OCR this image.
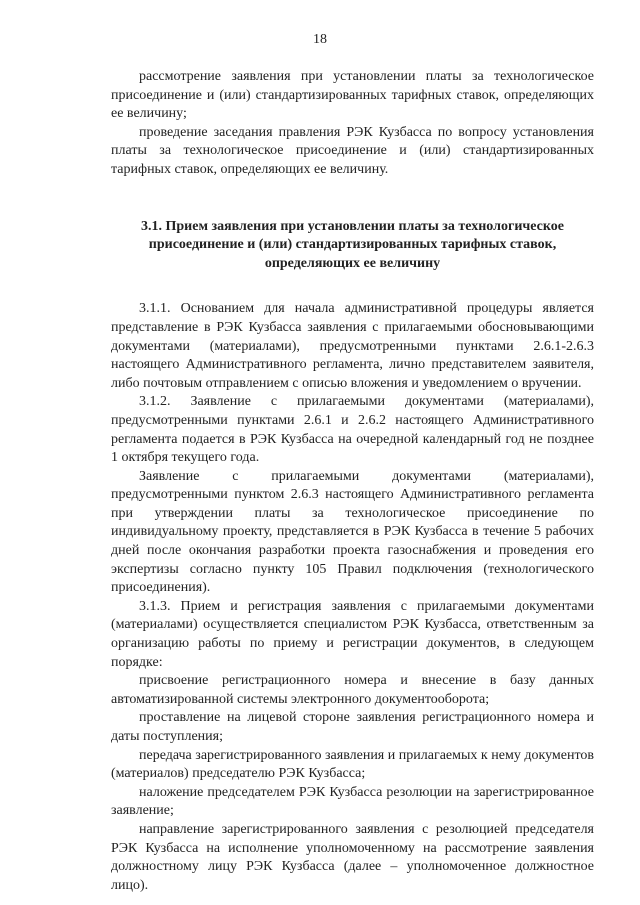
18

рассмотрение заявления при установлении платы за технологическое присоединение и (или) стандартизированных тарифных ставок, определяющих ее величину;

проведение заседания правления РЭК Кузбасса по вопросу установления платы за технологическое присоединение и (или) стандартизированных тарифных ставок, определяющих ее величину.

3.1. Прием заявления при установлении платы за технологическое присоединение и (или) стандартизированных тарифных ставок, определяющих ее величину

3.1.1. Основанием для начала административной процедуры является представление в РЭК Кузбасса заявления с прилагаемыми обосновывающими документами (материалами), предусмотренными пунктами 2.6.1-2.6.3 настоящего Административного регламента, лично представителем заявителя, либо почтовым отправлением с описью вложения и уведомлением о вручении.

3.1.2. Заявление с прилагаемыми документами (материалами), предусмотренными пунктами 2.6.1 и 2.6.2 настоящего Административного регламента подается в РЭК Кузбасса на очередной календарный год не позднее 1 октября текущего года.

Заявление с прилагаемыми документами (материалами), предусмотренными пунктом 2.6.3 настоящего Административного регламента при утверждении платы за технологическое присоединение по индивидуальному проекту, представляется в РЭК Кузбасса в течение 5 рабочих дней после окончания разработки проекта газоснабжения и проведения его экспертизы согласно пункту 105 Правил подключения (технологического присоединения).

3.1.3. Прием и регистрация заявления с прилагаемыми документами (материалами) осуществляется специалистом РЭК Кузбасса, ответственным за организацию работы по приему и регистрации документов, в следующем порядке:

присвоение регистрационного номера и внесение в базу данных автоматизированной системы электронного документооборота;

проставление на лицевой стороне заявления регистрационного номера и даты поступления;

передача зарегистрированного заявления и прилагаемых к нему документов (материалов) председателю РЭК Кузбасса;

наложение председателем РЭК Кузбасса резолюции на зарегистрированное заявление;

направление зарегистрированного заявления с резолюцией председателя РЭК Кузбасса на исполнение уполномоченному на рассмотрение заявления должностному лицу РЭК Кузбасса (далее – уполномоченное должностное лицо).
